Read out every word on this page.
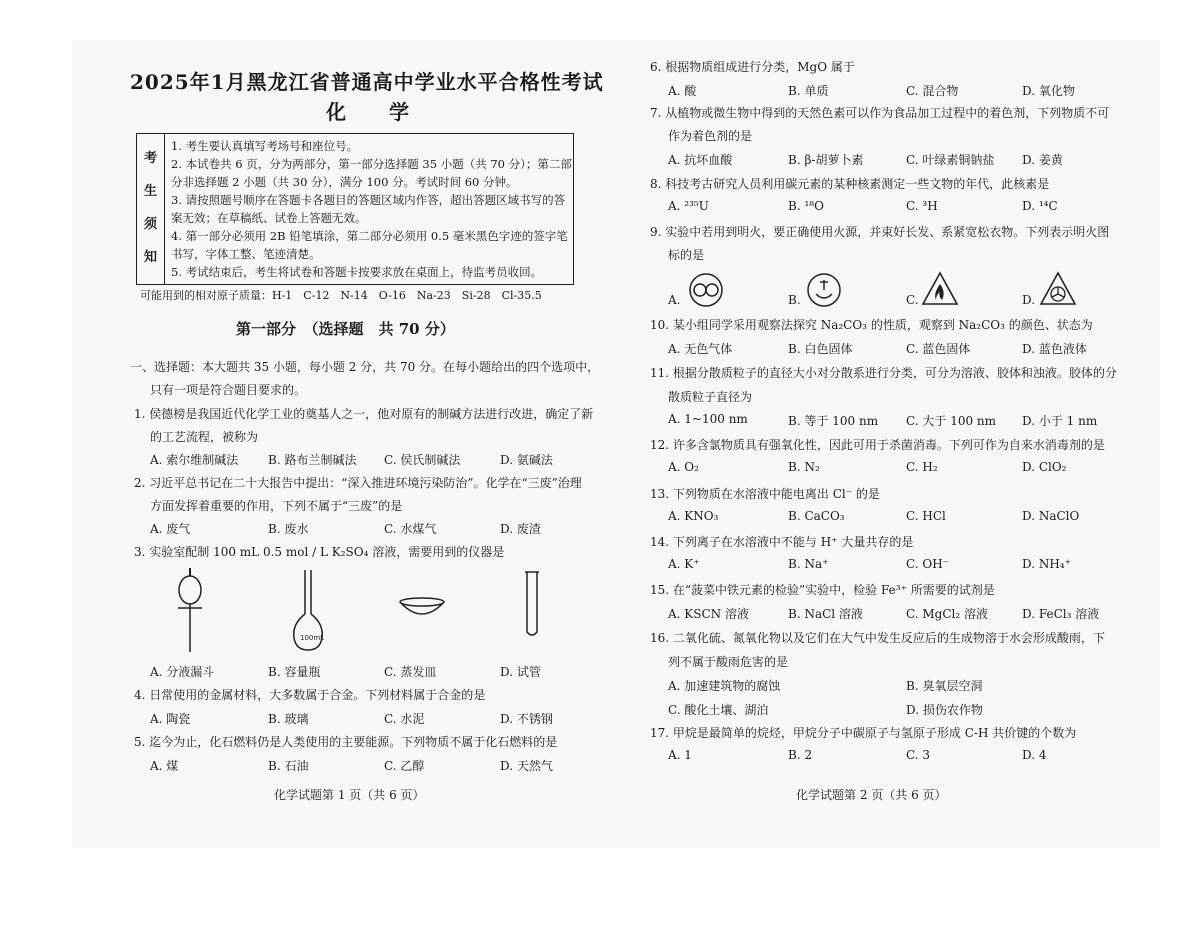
2025年1月黑龙江省普通高中学业水平合格性考试
化 学
考
生
须
知
1. 考生要认真填写考场号和座位号。
2. 本试卷共 6 页，分为两部分，第一部分选择题 35 小题（共 70 分）；第二部
分非选择题 2 小题（共 30 分），满分 100 分。考试时间 60 分钟。
3. 请按照题号顺序在答题卡各题目的答题区域内作答，超出答题区域书写的答
案无效；在草稿纸、试卷上答题无效。
4. 第一部分必须用 2B 铅笔填涂，第二部分必须用 0.5 毫米黑色字迹的签字笔
书写，字体工整、笔迹清楚。
5. 考试结束后，考生将试卷和答题卡按要求放在桌面上，待监考员收回。
可能用到的相对原子质量：H-1　C-12　N-14　O-16　Na-23　Si-28　Cl-35.5
第一部分　（选择题　共 70 分）
一、选择题：本大题共 35 小题，每小题 2 分，共 70 分。在每小题给出的四个选项中，
只有一项是符合题目要求的。
1. 侯德榜是我国近代化学工业的奠基人之一，他对原有的制碱方法进行改进，确定了新
的工艺流程，被称为
A. 索尔维制碱法 B. 路布兰制碱法 C. 侯氏制碱法	D. 氨碱法
2. 习近平总书记在二十大报告中提出：“深入推进环境污染防治”。化学在“三废”治理
方面发挥着重要的作用，下列不属于“三废”的是
A. 废气	B. 废水	C. 水煤气	D. 废渣
3. 实验室配制 100 mL 0.5 mol / L K₂SO₄ 溶液，需要用到的仪器是
100mL
A. 分液漏斗	B. 容量瓶	C. 蒸发皿	D. 试管
4. 日常使用的金属材料，大多数属于合金。下列材料属于合金的是
A. 陶瓷	B. 玻璃	C. 水泥	D. 不锈钢
5. 迄今为止，化石燃料仍是人类使用的主要能源。下列物质不属于化石燃料的是
A. 煤	B. 石油	C. 乙醇	D. 天然气
化学试题第 1 页（共 6 页）
6. 根据物质组成进行分类，MgO 属于
A. 酸	B. 单质	C. 混合物	D. 氧化物
7. 从植物或微生物中得到的天然色素可以作为食品加工过程中的着色剂，下列物质不可
作为着色剂的是
A. 抗坏血酸	B. β-胡萝卜素	C. 叶绿素铜钠盐 D. 姜黄
8. 科技考古研究人员利用碳元素的某种核素测定一些文物的年代，此核素是
A. ²³⁵U	B. ¹⁸O	C. ³H	D. ¹⁴C
9. 实验中若用到明火，要正确使用火源，并束好长发、系紧宽松衣物。下列表示明火图
标的是
A.	B.	C.	D.
10. 某小组同学采用观察法探究 Na₂CO₃ 的性质，观察到 Na₂CO₃ 的颜色、状态为
A. 无色气体	B. 白色固体	C. 蓝色固体	D. 蓝色液体
11. 根据分散质粒子的直径大小对分散系进行分类，可分为溶液、胶体和浊液。胶体的分
散质粒子直径为
A. 1~100 nm	B. 等于 100 nm C. 大于 100 nm D. 小于 1 nm
12. 许多含氯物质具有强氧化性，因此可用于杀菌消毒。下列可作为自来水消毒剂的是
A. O₂	B. N₂	C. H₂	D. ClO₂
13. 下列物质在水溶液中能电离出 Cl⁻ 的是
A. KNO₃	B. CaCO₃	C. HCl	D. NaClO
14. 下列离子在水溶液中不能与 H⁺ 大量共存的是
A. K⁺	B. Na⁺	C. OH⁻	D. NH₄⁺
15. 在“菠菜中铁元素的检验”实验中，检验 Fe³⁺ 所需要的试剂是
A. KSCN 溶液	B. NaCl 溶液	C. MgCl₂ 溶液	D. FeCl₃ 溶液
16. 二氧化硫、氮氧化物以及它们在大气中发生反应后的生成物溶于水会形成酸雨，下
列不属于酸雨危害的是
A. 加速建筑物的腐蚀	B. 臭氧层空洞
C. 酸化土壤、湖泊	D. 损伤农作物
17. 甲烷是最简单的烷烃，甲烷分子中碳原子与氢原子形成 C-H 共价键的个数为
A. 1	B. 2	C. 3	D. 4
化学试题第 2 页（共 6 页）
